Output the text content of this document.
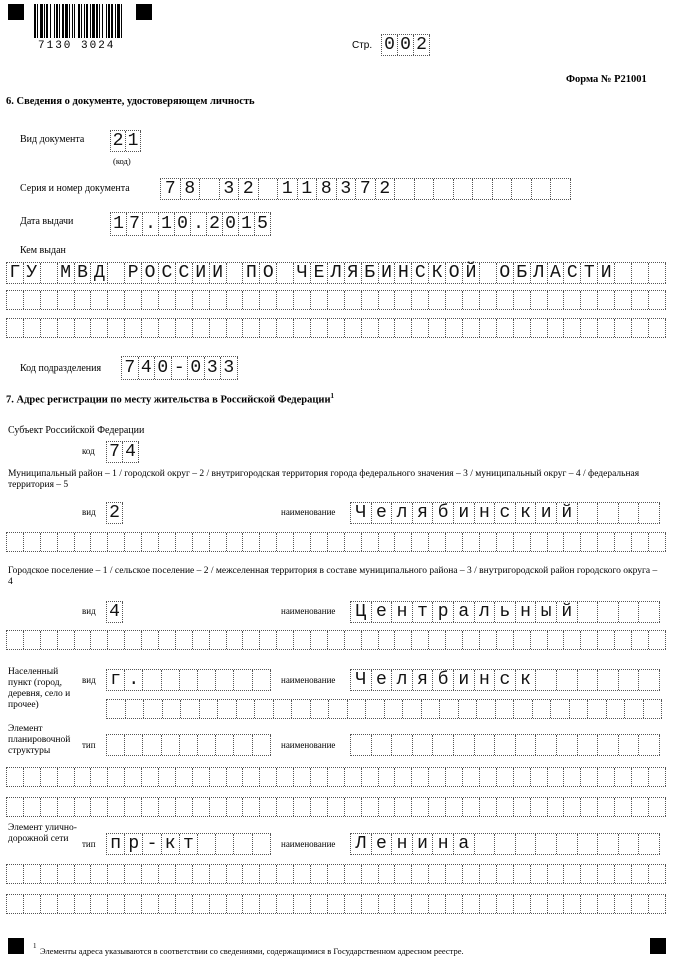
7130 3024	Стр. 0 0 2
Форма № Р21001
6. Сведения о документе, удостоверяющем личность
Вид документа 2 1
(код)
Серия и номер документа 7 8 3 2 1 1 8 3 7 2
Дата выдачи 1 7 . 1 0 . 2 0 1 5
Кем выдан
Г У М В Д Р О С С И И П О Ч Е Л Я Б И Н С К О Й О Б Л А С Т И
Код подразделения 7 4 0 - 0 3 3
7. Адрес регистрации по месту жительства в Российской Федерации$^1$
Субъект Российской Федерации
код 7 4
Муниципальный район – 1 / городской округ – 2 / внутригородская территория города федерального значения – 3 / муниципальный округ – 4 / федеральная территория – 5
вид 2	наименование Ч е л я б и н с к и й
Городское поселение – 1 / сельское поселение – 2 / межселенная территория в составе муниципального района – 3 / внутригородской район городского округа – 4
вид 4	наименование Ц е н т р а л ь н ы й
Населенный пункт (город, деревня, село и прочее)
вид г .	наименование Ч е л я б и н с к
Элемент планировочной структуры
тип	наименование
Элемент улично-дорожной сети	тип п р - к т	наименование Л е н и н а
1 Элементы адреса указываются в соответствии со сведениями, содержащимися в Государственном адресном реестре.
